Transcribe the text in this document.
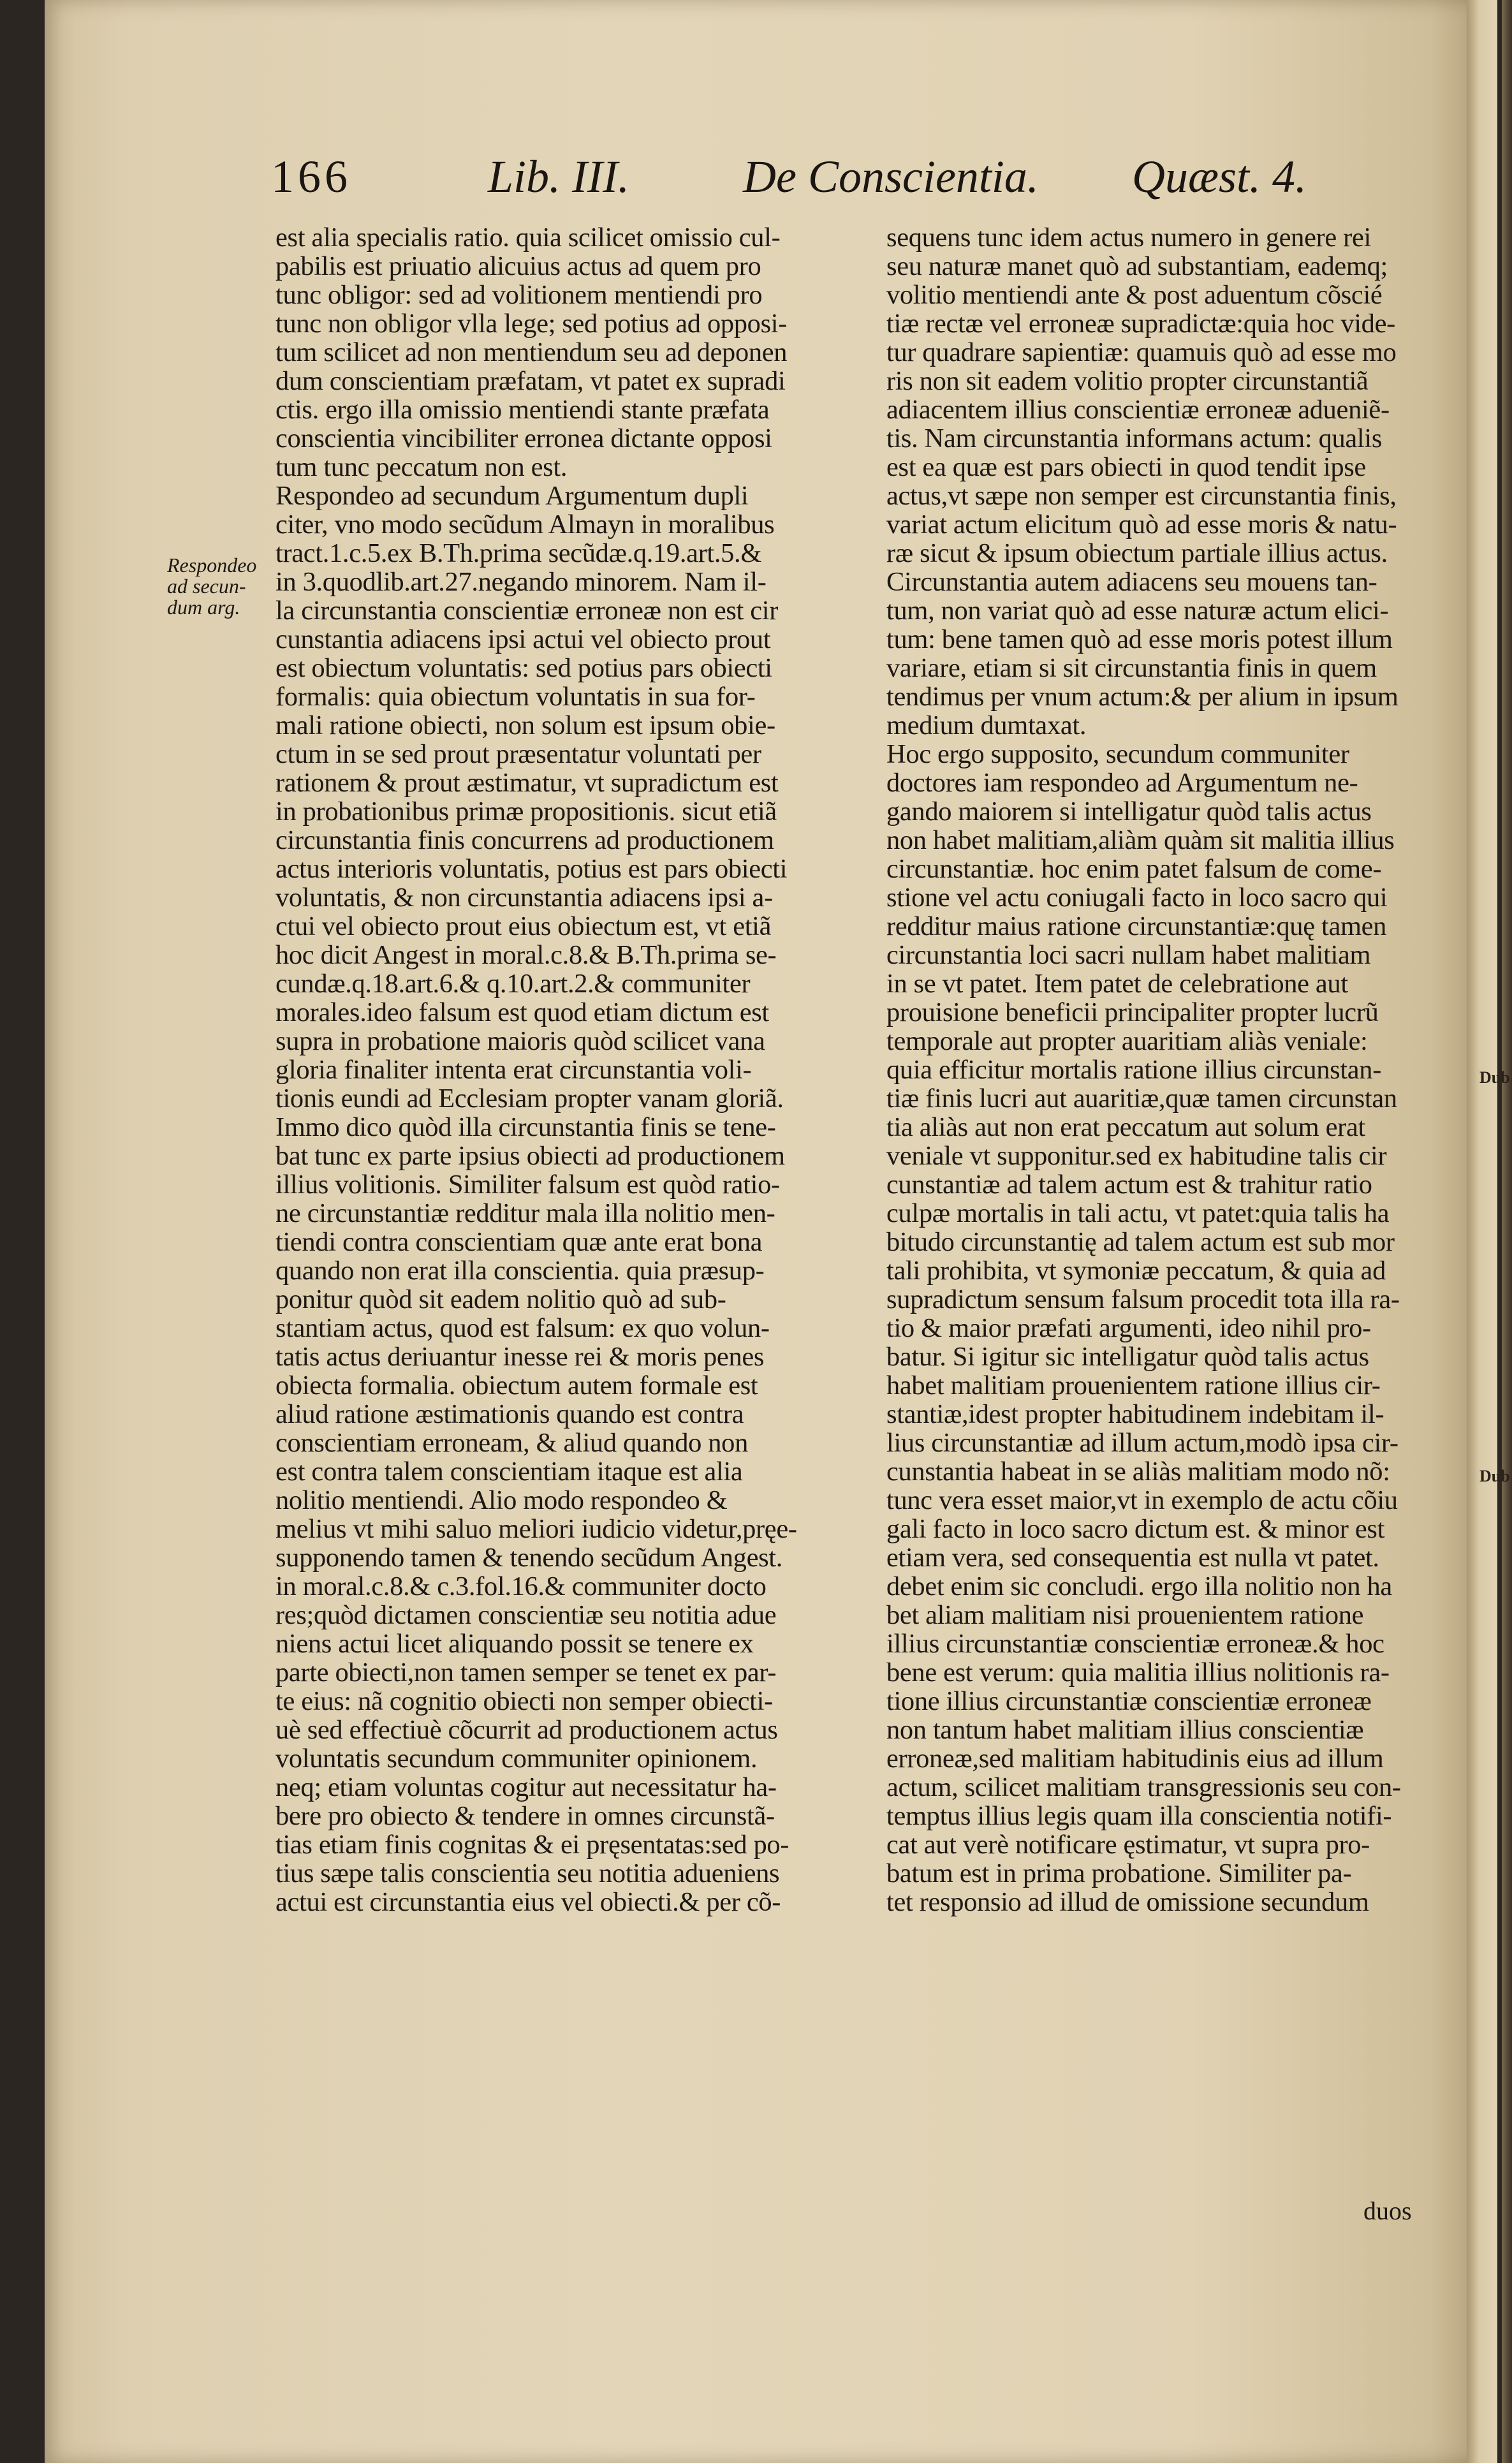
Dub
Dub
166	Lib. III. De Conscientia. Quæst. 4.
Respondeo
ad secun-
dum arg.
est alia specialis ratio. quia scilicet omissio cul-
pabilis est priuatio alicuius actus ad quem pro
tunc obligor: sed ad volitionem mentiendi pro
tunc non obligor vlla lege; sed potius ad opposi-
tum scilicet ad non mentiendum seu ad deponen
dum conscientiam præfatam, vt patet ex supradi
ctis. ergo illa omissio mentiendi stante præfata
conscientia vincibiliter erronea dictante opposi
tum tunc peccatum non est.
Respondeo ad secundum Argumentum dupli
citer, vno modo secũdum Almayn in moralibus
tract.1.c.5.ex B.Th.prima secũdæ.q.19.art.5.&
in 3.quodlib.art.27.negando minorem. Nam il-
la circunstantia conscientiæ erroneæ non est cir
cunstantia adiacens ipsi actui vel obiecto prout
est obiectum voluntatis: sed potius pars obiecti
formalis: quia obiectum voluntatis in sua for-
mali ratione obiecti, non solum est ipsum obie-
ctum in se sed prout præsentatur voluntati per
rationem & prout æstimatur, vt supradictum est
in probationibus primæ propositionis. sicut etiã
circunstantia finis concurrens ad productionem
actus interioris voluntatis, potius est pars obiecti
voluntatis, & non circunstantia adiacens ipsi a-
ctui vel obiecto prout eius obiectum est, vt etiã
hoc dicit Angest in moral.c.8.& B.Th.prima se-
cundæ.q.18.art.6.& q.10.art.2.& communiter
morales.ideo falsum est quod etiam dictum est
supra in probatione maioris quòd scilicet vana
gloria finaliter intenta erat circunstantia voli-
tionis eundi ad Ecclesiam propter vanam gloriã.
Immo dico quòd illa circunstantia finis se tene-
bat tunc ex parte ipsius obiecti ad productionem
illius volitionis. Similiter falsum est quòd ratio-
ne circunstantiæ redditur mala illa nolitio men-
tiendi contra conscientiam quæ ante erat bona
quando non erat illa conscientia. quia præsup-
ponitur quòd sit eadem nolitio quò ad sub-
stantiam actus, quod est falsum: ex quo volun-
tatis actus deriuantur inesse rei & moris penes
obiecta formalia. obiectum autem formale est
aliud ratione æstimationis quando est contra
conscientiam erroneam, & aliud quando non
est contra talem conscientiam itaque est alia
nolitio mentiendi. Alio modo respondeo &
melius vt mihi saluo meliori iudicio videtur,pręe-
supponendo tamen & tenendo secũdum Angest.
in moral.c.8.& c.3.fol.16.& communiter docto
res;quòd dictamen conscientiæ seu notitia adue
niens actui licet aliquando possit se tenere ex
parte obiecti,non tamen semper se tenet ex par-
te eius: nã cognitio obiecti non semper obiecti-
uè sed effectiuè cõcurrit ad productionem actus
voluntatis secundum communiter opinionem.
neq; etiam voluntas cogitur aut necessitatur ha-
bere pro obiecto & tendere in omnes circunstã-
tias etiam finis cognitas & ei pręsentatas:sed po-
tius sæpe talis conscientia seu notitia adueniens
actui est circunstantia eius vel obiecti.& per cõ-
sequens tunc idem actus numero in genere rei
seu naturæ manet quò ad substantiam, eademq;
volitio mentiendi ante & post aduentum cõscié
tiæ rectæ vel erroneæ supradictæ:quia hoc vide-
tur quadrare sapientiæ: quamuis quò ad esse mo
ris non sit eadem volitio propter circunstantiã
adiacentem illius conscientiæ erroneæ adueniẽ-
tis. Nam circunstantia informans actum: qualis
est ea quæ est pars obiecti in quod tendit ipse
actus,vt sæpe non semper est circunstantia finis,
variat actum elicitum quò ad esse moris & natu-
ræ sicut & ipsum obiectum partiale illius actus.
Circunstantia autem adiacens seu mouens tan-
tum, non variat quò ad esse naturæ actum elici-
tum: bene tamen quò ad esse moris potest illum
variare, etiam si sit circunstantia finis in quem
tendimus per vnum actum:& per alium in ipsum
medium dumtaxat.
Hoc ergo supposito, secundum communiter
doctores iam respondeo ad Argumentum ne-
gando maiorem si intelligatur quòd talis actus
non habet malitiam,aliàm quàm sit malitia illius
circunstantiæ. hoc enim patet falsum de come-
stione vel actu coniugali facto in loco sacro qui
redditur maius ratione circunstantiæ:quę tamen
circunstantia loci sacri nullam habet malitiam
in se vt patet. Item patet de celebratione aut
prouisione beneficii principaliter propter lucrũ
temporale aut propter auaritiam aliàs veniale:
quia efficitur mortalis ratione illius circunstan-
tiæ finis lucri aut auaritiæ,quæ tamen circunstan
tia aliàs aut non erat peccatum aut solum erat
veniale vt supponitur.sed ex habitudine talis cir
cunstantiæ ad talem actum est & trahitur ratio
culpæ mortalis in tali actu, vt patet:quia talis ha
bitudo circunstantię ad talem actum est sub mor
tali prohibita, vt symoniæ peccatum, & quia ad
supradictum sensum falsum procedit tota illa ra-
tio & maior præfati argumenti, ideo nihil pro-
batur. Si igitur sic intelligatur quòd talis actus
habet malitiam prouenientem ratione illius cir-
stantiæ,idest propter habitudinem indebitam il-
lius circunstantiæ ad illum actum,modò ipsa cir-
cunstantia habeat in se aliàs malitiam modo nõ:
tunc vera esset maior,vt in exemplo de actu cõiu
gali facto in loco sacro dictum est. & minor est
etiam vera, sed consequentia est nulla vt patet.
debet enim sic concludi. ergo illa nolitio non ha
bet aliam malitiam nisi prouenientem ratione
illius circunstantiæ conscientiæ erroneæ.& hoc
bene est verum: quia malitia illius nolitionis ra-
tione illius circunstantiæ conscientiæ erroneæ
non tantum habet malitiam illius conscientiæ
erroneæ,sed malitiam habitudinis eius ad illum
actum, scilicet malitiam transgressionis seu con-
temptus illius legis quam illa conscientia notifi-
cat aut verè notificare ęstimatur, vt supra pro-
batum est in prima probatione. Similiter pa-
tet responsio ad illud de omissione secundum
duos
